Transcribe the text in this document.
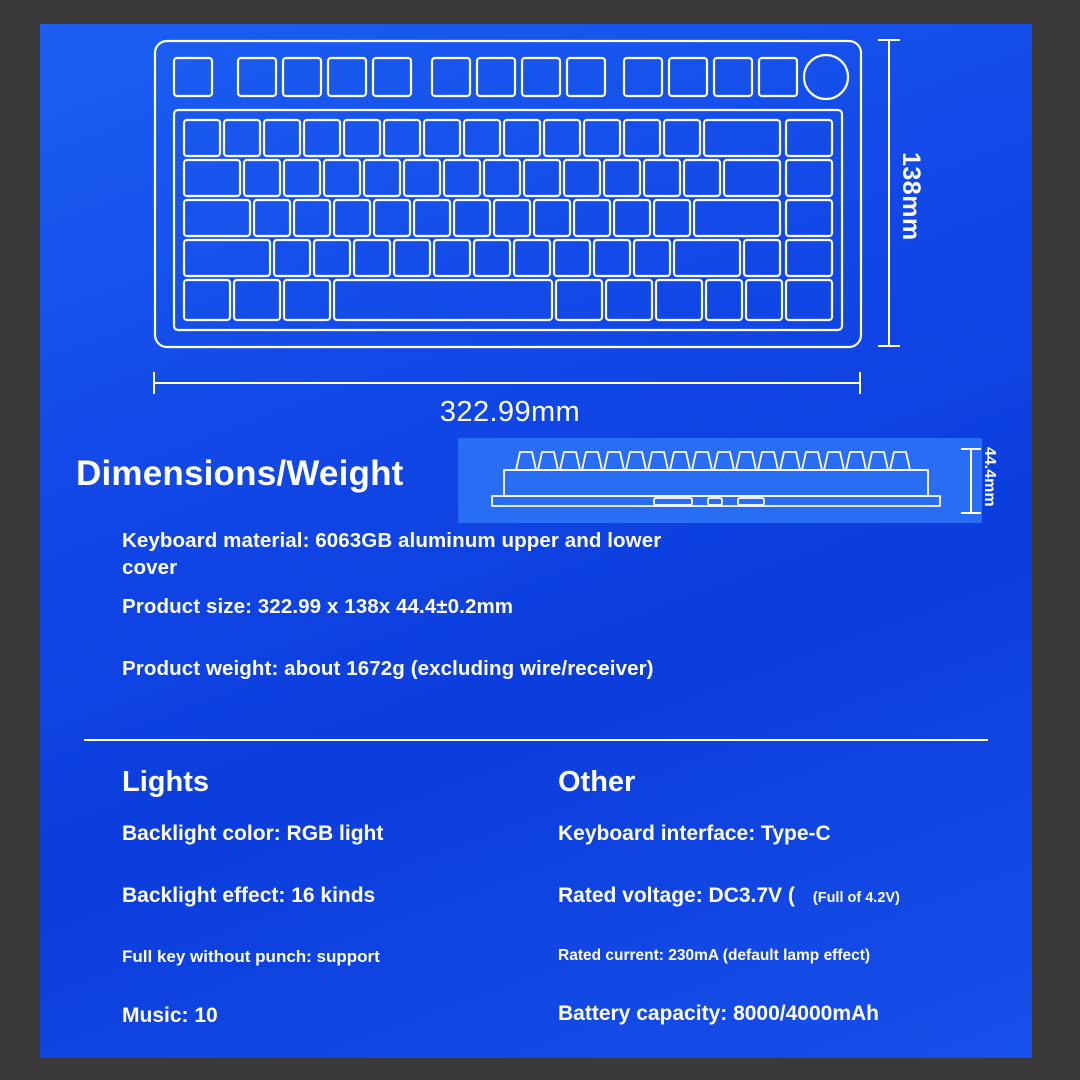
138mm
322.99mm
Dimensions/Weight	44.4mm
Keyboard material: 6063GB aluminum upper and lower cover
Product size: 322.99 x 138x 44.4±0.2mm
Product weight: about 1672g (excluding wire/receiver)
Lights
Backlight color: RGB light
Backlight effect: 16 kinds
Full key without punch: support
Music: 10
Other
Keyboard interface: Type-C
Rated voltage: DC3.7V ( (Full of 4.2V)
Rated current: 230mA (default lamp effect)
Battery capacity: 8000/4000mAh
